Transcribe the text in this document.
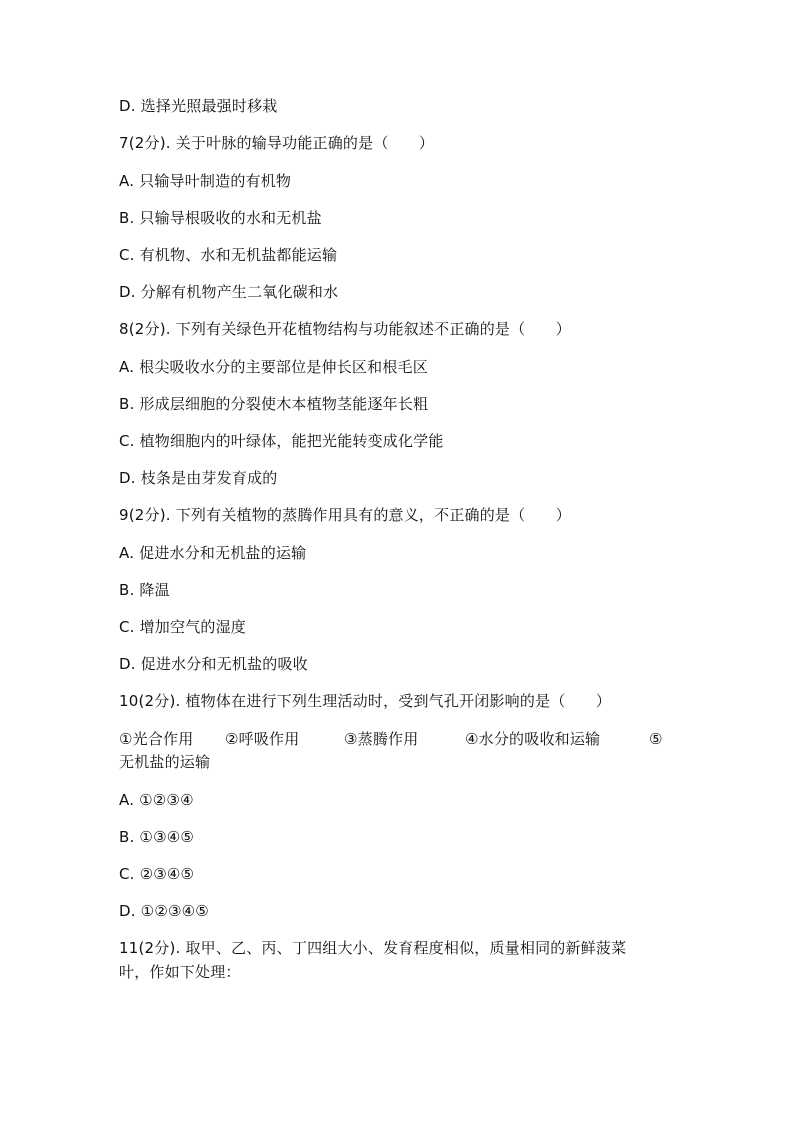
D. 选择光照最强时移栽
7(2分). 关于叶脉的输导功能正确的是（　　）
A. 只输导叶制造的有机物
B. 只输导根吸收的水和无机盐
C. 有机物、水和无机盐都能运输
D. 分解有机物产生二氧化碳和水
8(2分). 下列有关绿色开花植物结构与功能叙述不正确的是（　　）
A. 根尖吸收水分的主要部位是伸长区和根毛区
B. 形成层细胞的分裂使木本植物茎能逐年长粗
C. 植物细胞内的叶绿体，能把光能转变成化学能
D. 枝条是由芽发育成的
9(2分). 下列有关植物的蒸腾作用具有的意义，不正确的是（　　）
A. 促进水分和无机盐的运输
B. 降温
C. 增加空气的湿度
D. 促进水分和无机盐的吸收
10(2分). 植物体在进行下列生理活动时，受到气孔开闭影响的是（　　）
①光合作用 ②呼吸作用	③蒸腾作用	④水分的吸收和运输	⑤
无机盐的运输
A. ①②③④
B. ①③④⑤
C. ②③④⑤
D. ①②③④⑤
11(2分). 取甲、乙、丙、丁四组大小、发育程度相似，质量相同的新鲜菠菜
叶，作如下处理：
